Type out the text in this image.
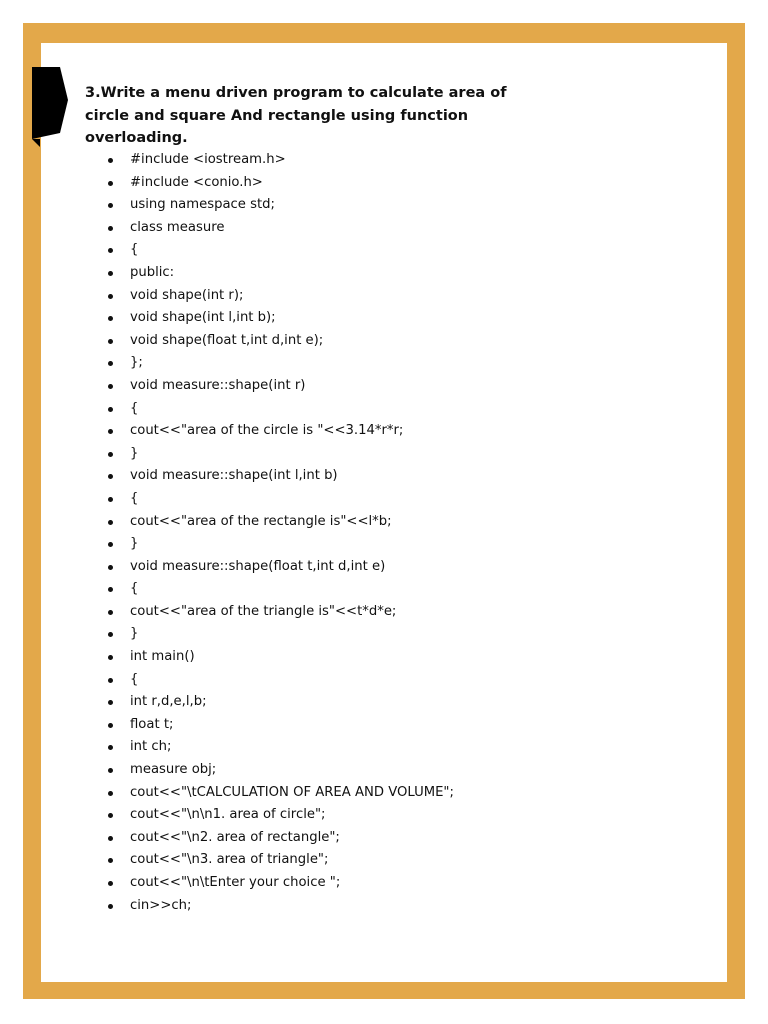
3.Write a menu driven program to calculate area of
circle and square And rectangle using function
overloading.
#include <iostream.h>
#include <conio.h>
using namespace std;
class measure
{
public:
void shape(int r);
void shape(int l,int b);
void shape(float t,int d,int e);
};
void measure::shape(int r)
{
cout<<"area of the circle is "<<3.14*r*r;
}
void measure::shape(int l,int b)
{
cout<<"area of the rectangle is"<<l*b;
}
void measure::shape(float t,int d,int e)
{
cout<<"area of the triangle is"<<t*d*e;
}
int main()
{
int r,d,e,l,b;
float t;
int ch;
measure obj;
cout<<"\tCALCULATION OF AREA AND VOLUME";
cout<<"\n\n1. area of circle";
cout<<"\n2. area of rectangle";
cout<<"\n3. area of triangle";
cout<<"\n\tEnter your choice ";
cin>>ch;
